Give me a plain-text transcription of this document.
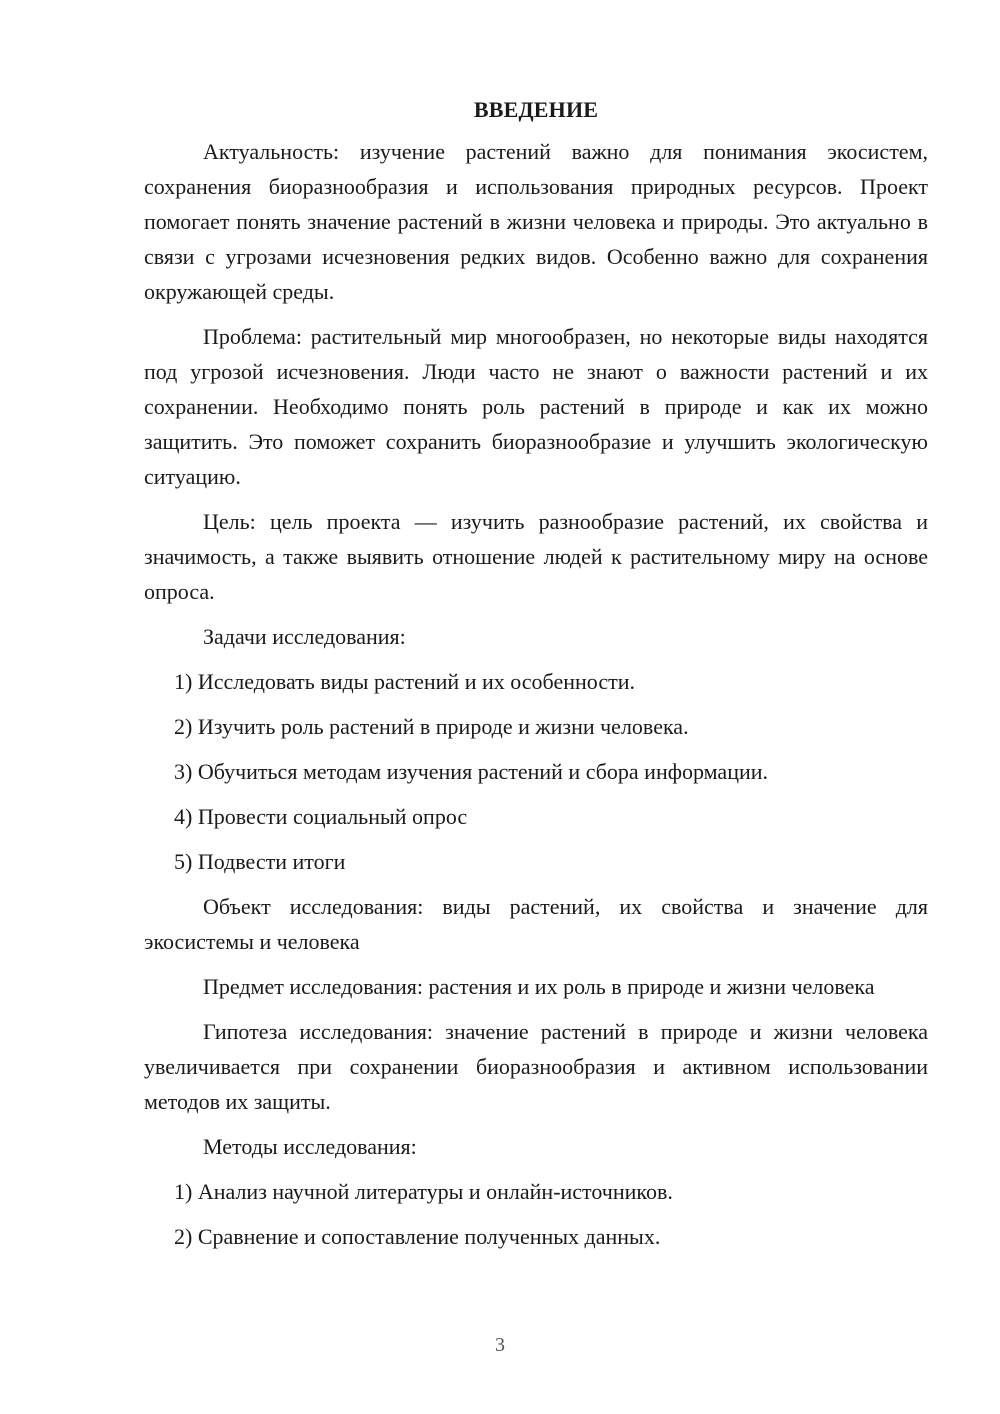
ВВЕДЕНИЕ

Актуальность: изучение растений важно для понимания экосистем, сохранения биоразнообразия и использования природных ресурсов. Проект помогает понять значение растений в жизни человека и природы. Это актуально в связи с угрозами исчезновения редких видов. Особенно важно для сохранения окружающей среды.

Проблема: растительный мир многообразен, но некоторые виды находятся под угрозой исчезновения. Люди часто не знают о важности растений и их сохранении. Необходимо понять роль растений в природе и как их можно защитить. Это поможет сохранить биоразнообразие и улучшить экологическую ситуацию.

Цель: цель проекта — изучить разнообразие растений, их свойства и значимость, а также выявить отношение людей к растительному миру на основе опроса.

Задачи исследования:

1) Исследовать виды растений и их особенности.

2) Изучить роль растений в природе и жизни человека.

3) Обучиться методам изучения растений и сбора информации.

4) Провести социальный опрос

5) Подвести итоги

Объект исследования: виды растений, их свойства и значение для экосистемы и человека

Предмет исследования: растения и их роль в природе и жизни человека

Гипотеза исследования: значение растений в природе и жизни человека увеличивается при сохранении биоразнообразия и активном использовании методов их защиты.

Методы исследования:

1) Анализ научной литературы и онлайн-источников.

2) Сравнение и сопоставление полученных данных.

3
